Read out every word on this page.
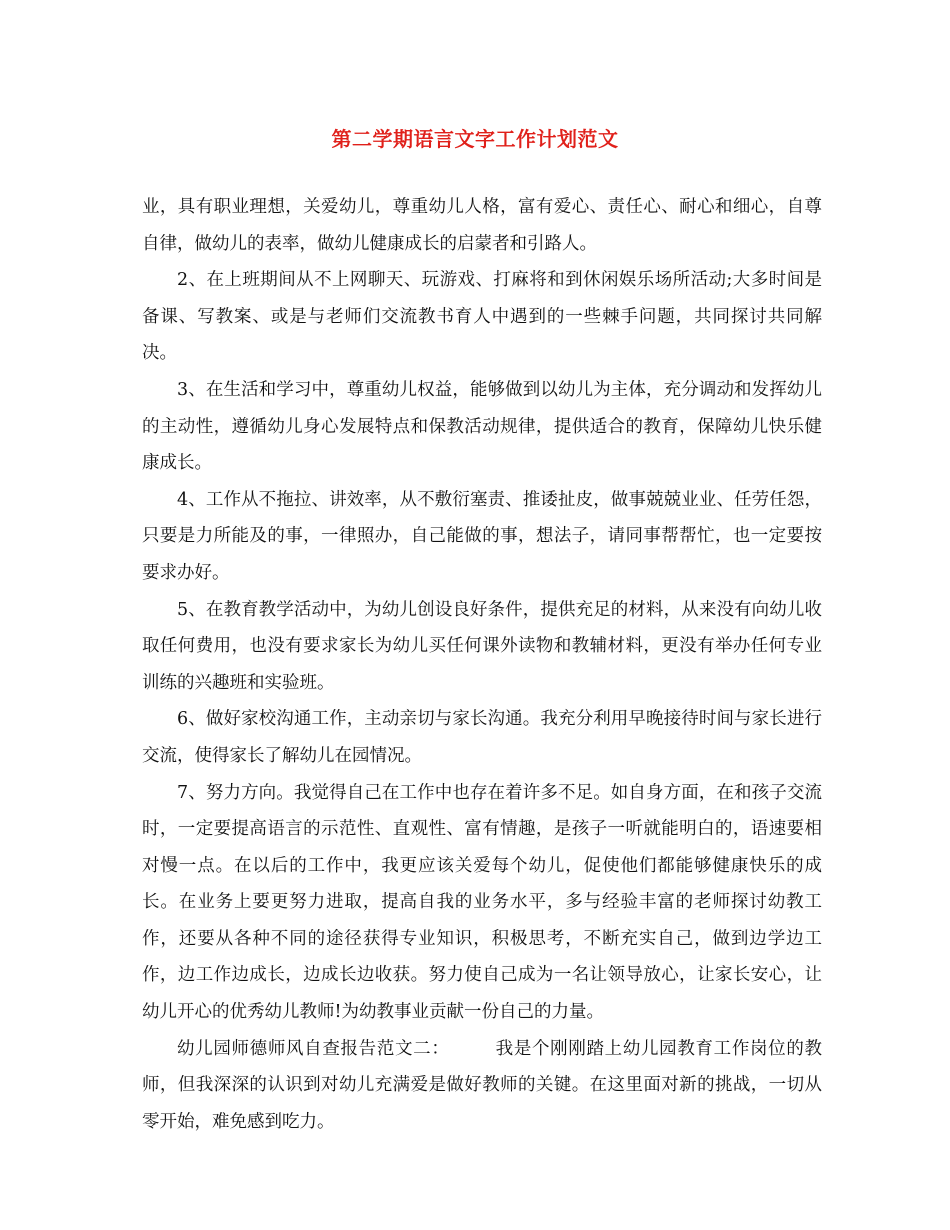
第二学期语言文字工作计划范文

业，具有职业理想，关爱幼儿，尊重幼儿人格，富有爱心、责任心、耐心和细心，自尊自律，做幼儿的表率，做幼儿健康成长的启蒙者和引路人。

2、在上班期间从不上网聊天、玩游戏、打麻将和到休闲娱乐场所活动;大多时间是备课、写教案、或是与老师们交流教书育人中遇到的一些棘手问题，共同探讨共同解决。

3、在生活和学习中，尊重幼儿权益，能够做到以幼儿为主体，充分调动和发挥幼儿的主动性，遵循幼儿身心发展特点和保教活动规律，提供适合的教育，保障幼儿快乐健康成长。

4、工作从不拖拉、讲效率，从不敷衍塞责、推诿扯皮，做事兢兢业业、任劳任怨，只要是力所能及的事，一律照办，自己能做的事，想法子，请同事帮帮忙，也一定要按要求办好。

5、在教育教学活动中，为幼儿创设良好条件，提供充足的材料，从来没有向幼儿收取任何费用，也没有要求家长为幼儿买任何课外读物和教辅材料，更没有举办任何专业训练的兴趣班和实验班。

6、做好家校沟通工作，主动亲切与家长沟通。我充分利用早晚接待时间与家长进行交流，使得家长了解幼儿在园情况。

7、努力方向。我觉得自己在工作中也存在着许多不足。如自身方面，在和孩子交流时，一定要提高语言的示范性、直观性、富有情趣，是孩子一听就能明白的，语速要相对慢一点。在以后的工作中，我更应该关爱每个幼儿，促使他们都能够健康快乐的成长。在业务上要更努力进取，提高自我的业务水平，多与经验丰富的老师探讨幼教工作，还要从各种不同的途径获得专业知识，积极思考，不断充实自己，做到边学边工作，边工作边成长，边成长边收获。努力使自己成为一名让领导放心，让家长安心，让幼儿开心的优秀幼儿教师!为幼教事业贡献一份自己的力量。

幼儿园师德师风自查报告范文二：	我是个刚刚踏上幼儿园教育工作岗位的教师，但我深深的认识到对幼儿充满爱是做好教师的关键。在这里面对新的挑战，一切从零开始，难免感到吃力。
